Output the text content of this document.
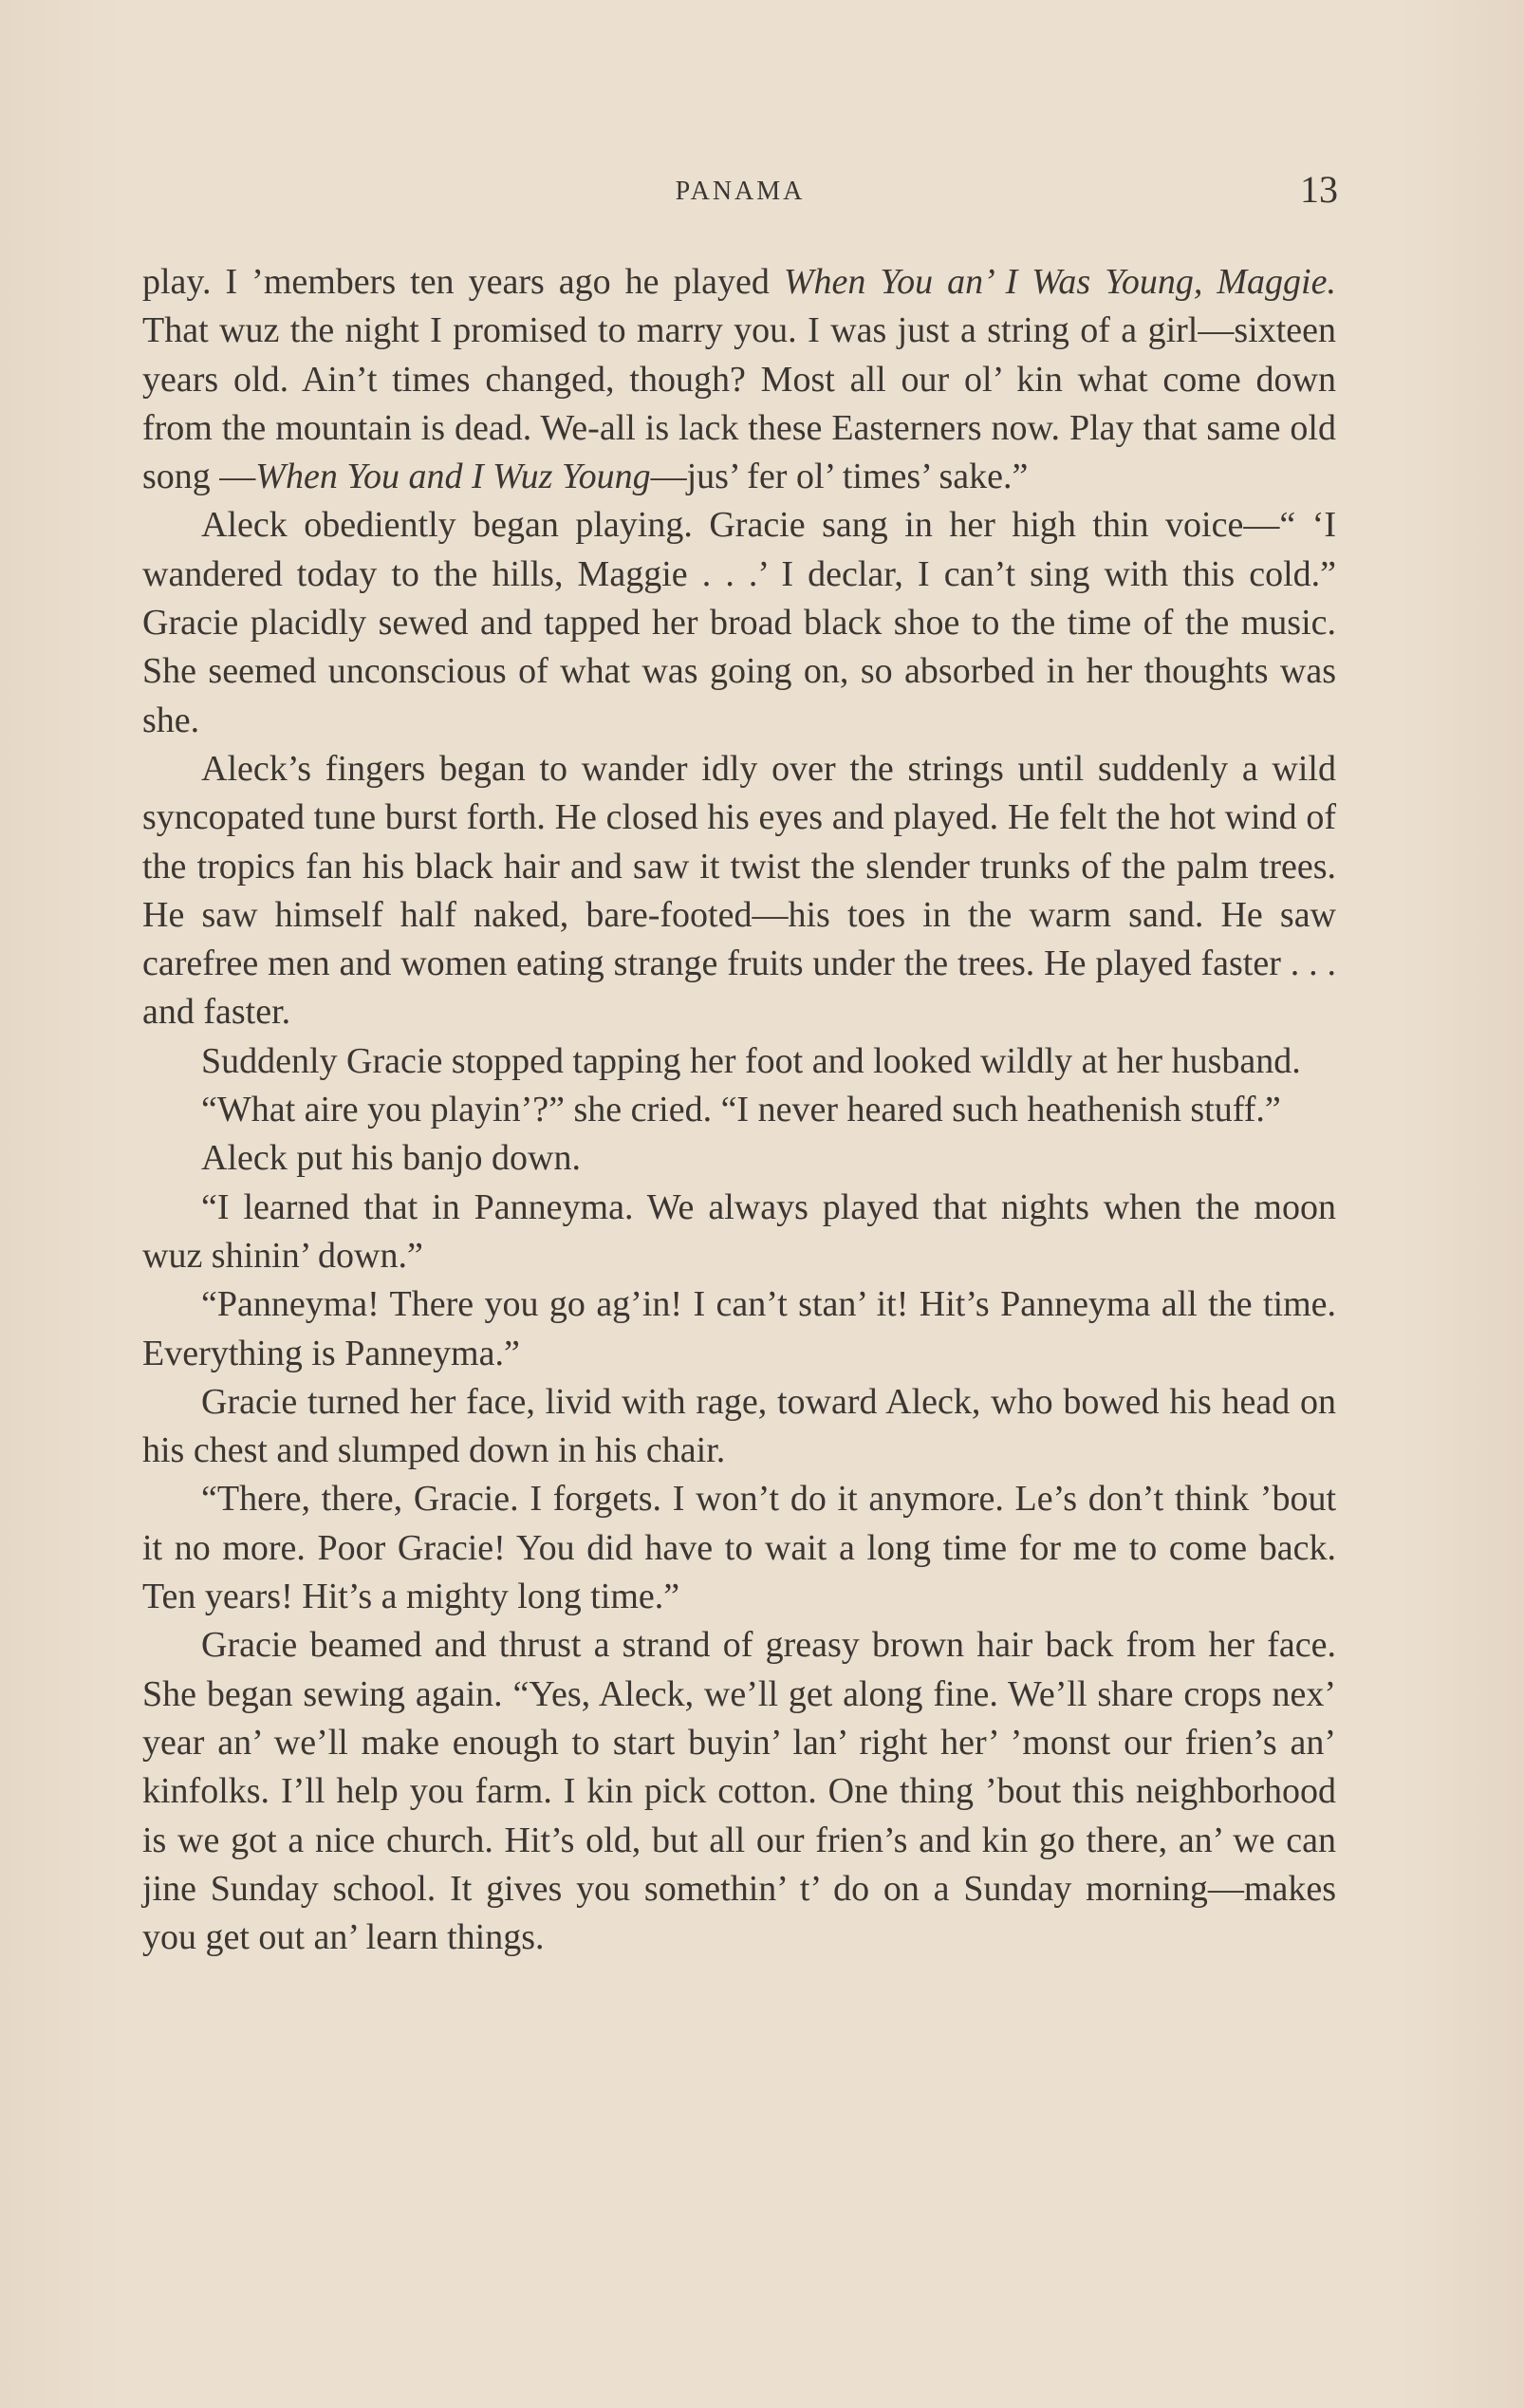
PANAMA	13

play. I ’members ten years ago he played When You an’ I Was Young, Maggie. That wuz the night I promised to marry you. I was just a string of a girl—sixteen years old. Ain’t times changed, though? Most all our ol’ kin what come down from the mountain is dead. We-all is lack these Easterners now. Play that same old song —When You and I Wuz Young—jus’ fer ol’ times’ sake.”

Aleck obediently began playing. Gracie sang in her high thin voice—“ ‘I wandered today to the hills, Maggie . . .’ I declar, I can’t sing with this cold.” Gracie placidly sewed and tapped her broad black shoe to the time of the music. She seemed unconscious of what was going on, so absorbed in her thoughts was she.

Aleck’s fingers began to wander idly over the strings until suddenly a wild syncopated tune burst forth. He closed his eyes and played. He felt the hot wind of the tropics fan his black hair and saw it twist the slender trunks of the palm trees. He saw himself half naked, bare-footed—his toes in the warm sand. He saw carefree men and women eating strange fruits under the trees. He played faster . . . and faster.

Suddenly Gracie stopped tapping her foot and looked wildly at her husband.

“What aire you playin’?” she cried. “I never heared such heathenish stuff.”

Aleck put his banjo down.

“I learned that in Panneyma. We always played that nights when the moon wuz shinin’ down.”

“Panneyma! There you go ag’in! I can’t stan’ it! Hit’s Panneyma all the time. Everything is Panneyma.”

Gracie turned her face, livid with rage, toward Aleck, who bowed his head on his chest and slumped down in his chair.

“There, there, Gracie. I forgets. I won’t do it anymore. Le’s don’t think ’bout it no more. Poor Gracie! You did have to wait a long time for me to come back. Ten years! Hit’s a mighty long time.”

Gracie beamed and thrust a strand of greasy brown hair back from her face. She began sewing again. “Yes, Aleck, we’ll get along fine. We’ll share crops nex’ year an’ we’ll make enough to start buyin’ lan’ right her’ ’monst our frien’s an’ kinfolks. I’ll help you farm. I kin pick cotton. One thing ’bout this neighborhood is we got a nice church. Hit’s old, but all our frien’s and kin go there, an’ we can jine Sunday school. It gives you somethin’ t’ do on a Sunday morning—makes you get out an’ learn things.
